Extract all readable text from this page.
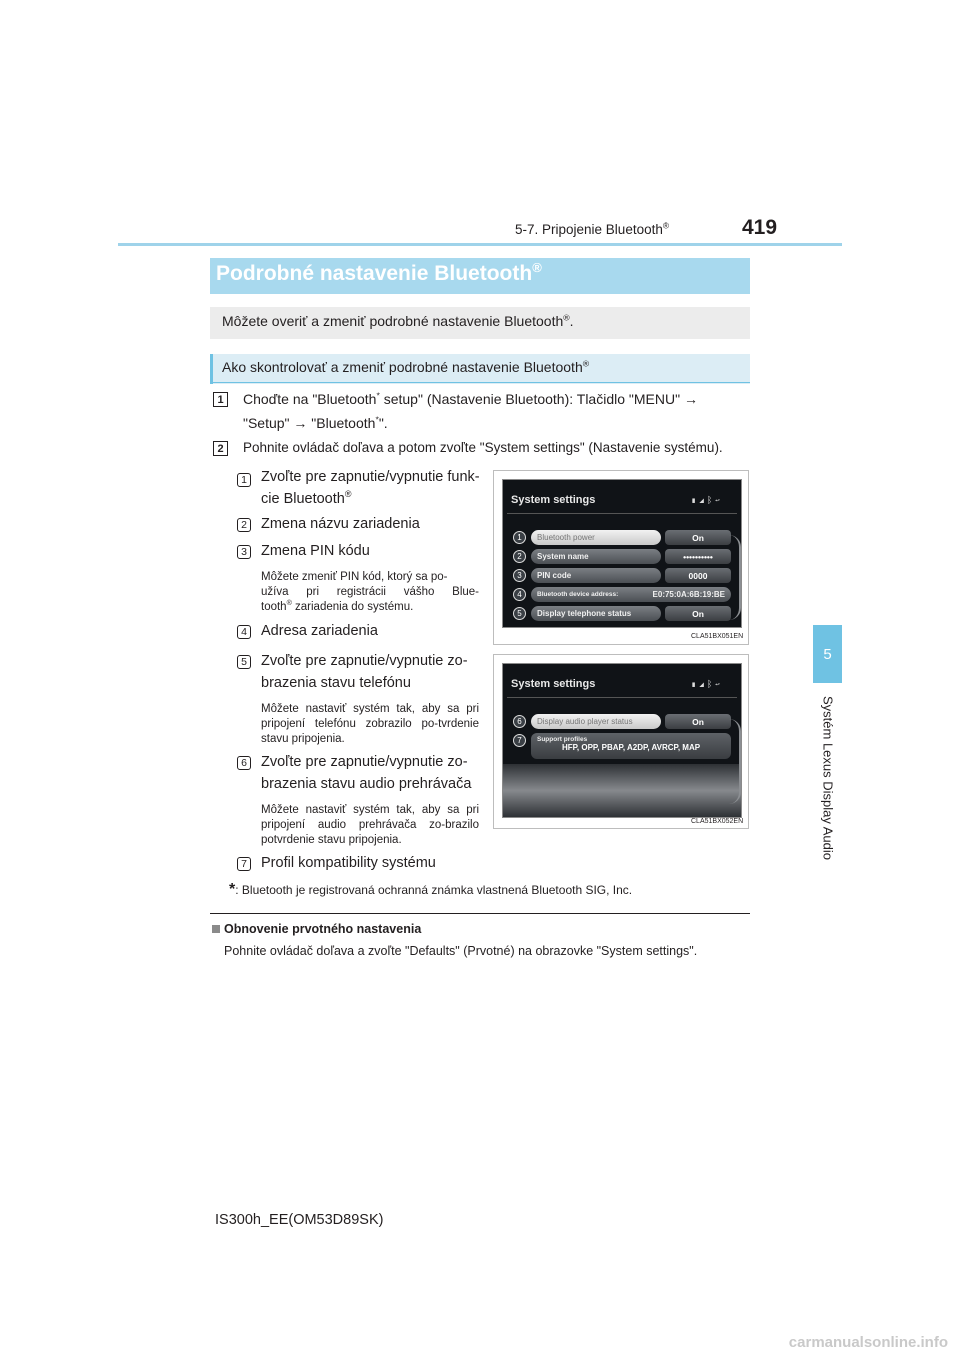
5-7. Pripojenie Bluetooth®	419
5
Systém Lexus Display Audio
Podrobné nastavenie Bluetooth®
Môžete overiť a zmeniť podrobné nastavenie Bluetooth®.
Ako skontrolovať a zmeniť podrobné nastavenie Bluetooth®
1	Choďte na "Bluetooth* setup" (Nastavenie Bluetooth): Tlačidlo "MENU" →
"Setup" → "Bluetooth*".
2	Pohnite ovládač doľava a potom zvoľte "System settings" (Nastavenie systému).
1 Zvoľte pre zapnutie/vypnutie funk-
cie Bluetooth®
2 Zmena názvu zariadenia
3 Zmena PIN kódu
Môžete zmeniť PIN kód, ktorý sa po-
užíva pri registrácii vášho Blue-
tooth® zariadenia do systému.
4 Adresa zariadenia
5 Zvoľte pre zapnutie/vypnutie zo-
brazenia stavu telefónu
Môžete nastaviť systém tak, aby sa pri pripojení telefónu zobrazilo po-tvrdenie stavu pripojenia.
6 Zvoľte pre zapnutie/vypnutie zo-
brazenia stavu audio prehrávača
Môžete nastaviť systém tak, aby sa pri pripojení audio prehrávača zo-brazilo potvrdenie stavu pripojenia.
7 Profil kompatibility systému
System settings	▮ ◢ ᛒ ↩
1	Bluetooth power	On
2	System name	••••••••••
3	PIN code	0000
4	Bluetooth device address:	E0:75:0A:6B:19:BE
5	Display telephone status	On
CLA51BX051EN
System settings	▮ ◢ ᛒ ↩
6	Display audio player status	On
7	Support profiles
HFP, OPP, PBAP, A2DP, AVRCP, MAP
CLA51BX052EN
*: Bluetooth je registrovaná ochranná známka vlastnená Bluetooth SIG, Inc.
Obnovenie prvotného nastavenia
Pohnite ovládač doľava a zvoľte "Defaults" (Prvotné) na obrazovke "System settings".
IS300h_EE(OM53D89SK)
carmanualsonline.info
